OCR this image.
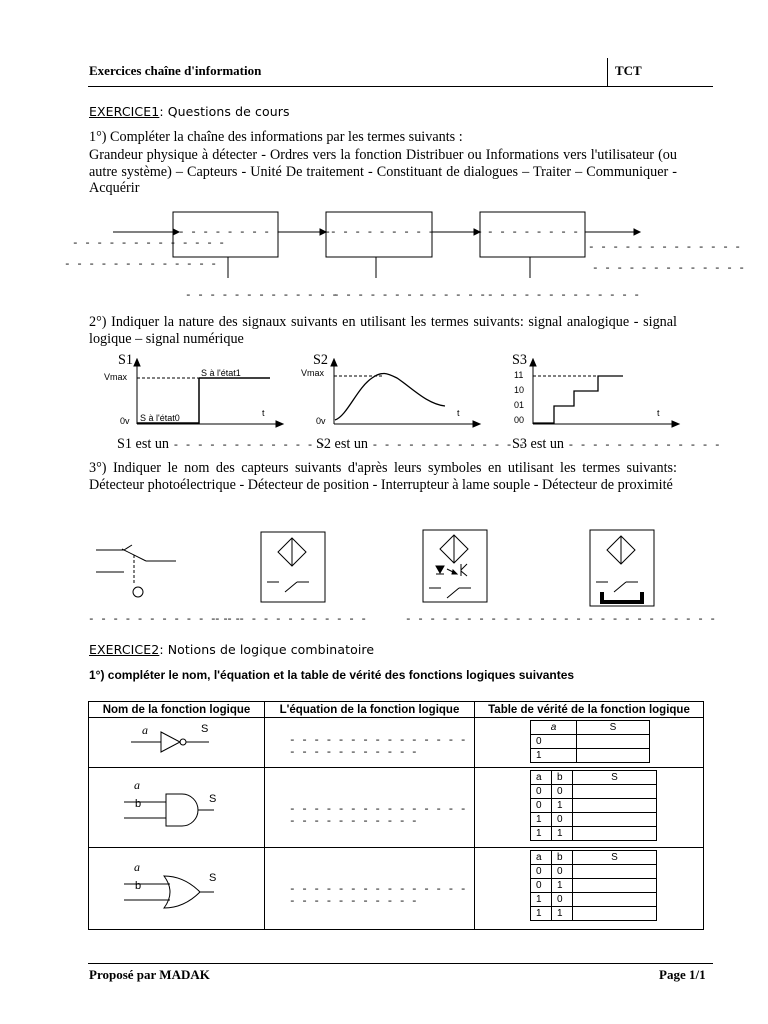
Exercices chaîne d'information	TCT
EXERCICE1: Questions de cours
1°) Compléter la chaîne des informations par les termes suivants :
Grandeur physique à détecter - Ordres vers la fonction Distribuer ou Informations vers l'utilisateur (ou autre système) – Capteurs - Unité De traitement - Constituant de dialogues – Traiter – Communiquer - Acquérir
- - - - - - - - - - - - -
- - - - - - - - - - - - -
- - - - - - - - - - - - - - - - - - - - - - - - - - - - - - - - - - - - - - -
- - - - - - - - - - - - -
- - - - - - - - - - - - -
- - - - - - - - - - - - -
- - - - - - - - - - - - - - - - - - - - - - - - - -
2°) Indiquer la nature des signaux suivants en utilisant les termes suivants: signal analogique - signal logique – signal numérique
S1
Vmax
0v
S à l'état1
S à l'état0	t
S1 est un - - - - - - - - - - - - -
S2
Vmax
0v
t
S2 est un - - - - - - - - - - - - -
S3
11
10
01
00
t
S3 est un - - - - - - - - - - - - -
3°) Indiquer le nom des capteurs suivants d'après leurs symboles en utilisant les termes suivants: Détecteur photoélectrique - Détecteur de position - Interrupteur à lame souple - Détecteur de proximité
- - - - - - - - - - - - -
- - - - - - - - - - - - -	- - - - - - - - - - - - - - - - - - - - - - - - - -
EXERCICE2: Notions de logique combinatoire
1°) compléter le nom, l'équation et la table de vérité des fonctions logiques suivantes
Nom de la fonction logique	L'équation de la fonction logique	Table de vérité de la fonction logique

a	S

- - - - - - - - - - - - - - - - - - - - - - - - - -

a	S
0	
1	

a
b	S

- - - - - - - - - - - - - - - - - - - - - - - - - -

a	b	S
0	0	
0	1	
1	0	
1	1	

a
b
S

- - - - - - - - - - - - - - - - - - - - - - - - - -

a	b	S
0	0	
0	1	
1	0	
1	1	
Proposé par MADAK	Page 1/1
